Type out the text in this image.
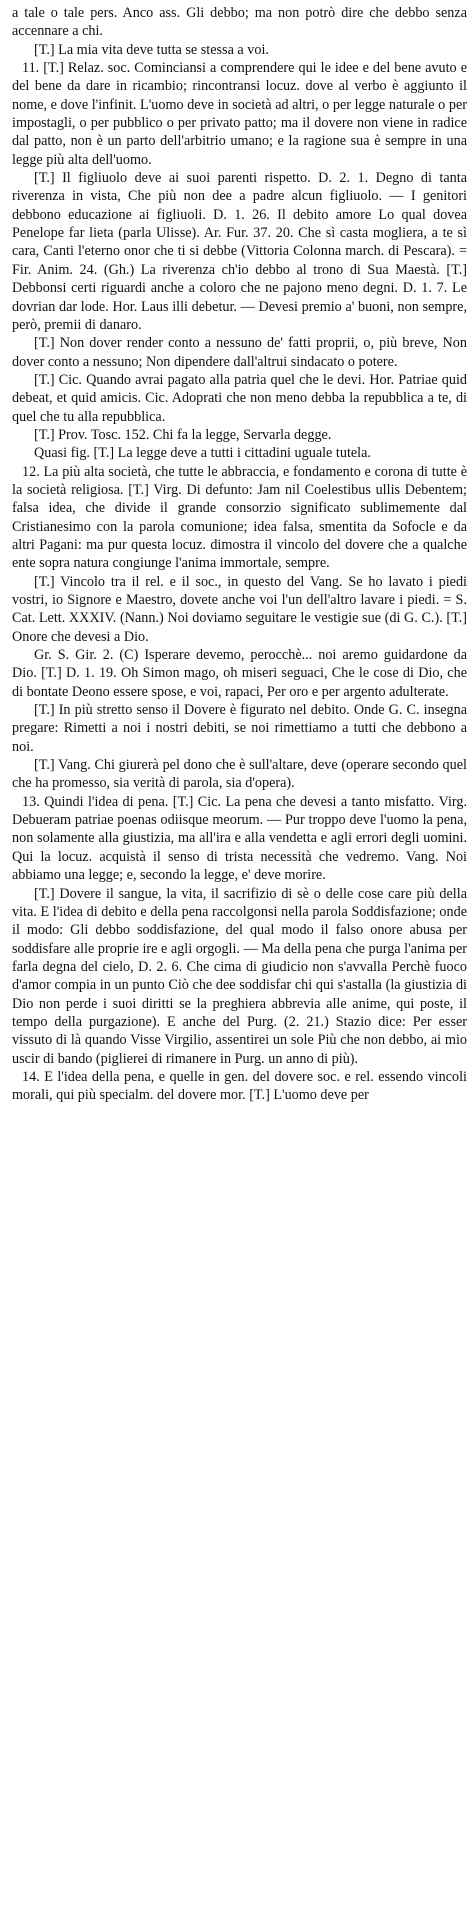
a tale o tale pers. Anco ass. Gli debbo; ma non potrò dire che debbo senza accennare a chi.

[T.] La mia vita deve tutta se stessa a voi.

11. [T.] Relaz. soc. Cominciansi a comprendere qui le idee e del bene avuto e del bene da dare in ricambio; rincontransi locuz. dove al verbo è aggiunto il nome, e dove l'infinit. L'uomo deve in società ad altri, o per legge naturale o per impostagli, o per pubblico o per privato patto; ma il dovere non viene in radice dal patto, non è un parto dell'arbitrio umano; e la ragione sua è sempre in una legge più alta dell'uomo.

[T.] Il figliuolo deve ai suoi parenti rispetto. D. 2. 1. Degno di tanta riverenza in vista, Che più non dee a padre alcun figliuolo. — I genitori debbono educazione ai figliuoli. D. 1. 26. Il debito amore Lo qual dovea Penelope far lieta (parla Ulisse). Ar. Fur. 37. 20. Che sì casta mogliera, a te sì cara, Canti l'eterno onor che ti si debbe (Vittoria Colonna march. di Pescara). = Fir. Anim. 24. (Gh.) La riverenza ch'io debbo al trono di Sua Maestà. [T.] Debbonsi certi riguardi anche a coloro che ne pajono meno degni. D. 1. 7. Le dovrian dar lode. Hor. Laus illi debetur. — Devesi premio a' buoni, non sempre, però, premii di danaro.

[T.] Non dover render conto a nessuno de' fatti proprii, o, più breve, Non dover conto a nessuno; Non dipendere dall'altrui sindacato o potere.

[T.] Cic. Quando avrai pagato alla patria quel che le devi. Hor. Patriae quid debeat, et quid amicis. Cic. Adoprati che non meno debba la repubblica a te, di quel che tu alla repubblica.

[T.] Prov. Tosc. 152. Chi fa la legge, Servarla degge.

Quasi fig. [T.] La legge deve a tutti i cittadini uguale tutela.

12. La più alta società, che tutte le abbraccia, e fondamento e corona di tutte è la società religiosa. [T.] Virg. Di defunto: Jam nil Coelestibus ullis Debentem; falsa idea, che divide il grande consorzio significato sublimemente dal Cristianesimo con la parola comunione; idea falsa, smentita da Sofocle e da altri Pagani: ma pur questa locuz. dimostra il vincolo del dovere che a qualche ente sopra natura congiunge l'anima immortale, sempre.

[T.] Vincolo tra il rel. e il soc., in questo del Vang. Se ho lavato i piedi vostri, io Signore e Maestro, dovete anche voi l'un dell'altro lavare i piedi. = S. Cat. Lett. XXXIV. (Nann.) Noi doviamo seguitare le vestigie sue (di G. C.). [T.] Onore che devesi a Dio.

Gr. S. Gir. 2. (C) Isperare devemo, perocchè... noi aremo guidardone da Dio. [T.] D. 1. 19. Oh Simon mago, oh miseri seguaci, Che le cose di Dio, che di bontate Deono essere spose, e voi, rapaci, Per oro e per argento adulterate.

[T.] In più stretto senso il Dovere è figurato nel debito. Onde G. C. insegna pregare: Rimetti a noi i nostri debiti, se noi rimettiamo a tutti che debbono a noi.

[T.] Vang. Chi giurerà pel dono che è sull'altare, deve (operare secondo quel che ha promesso, sia verità di parola, sia d'opera).

13. Quindi l'idea di pena. [T.] Cic. La pena che devesi a tanto misfatto. Virg. Debueram patriae poenas odiisque meorum. — Pur troppo deve l'uomo la pena, non solamente alla giustizia, ma all'ira e alla vendetta e agli errori degli uomini. Qui la locuz. acquistà il senso di trista necessità che vedremo. Vang. Noi abbiamo una legge; e, secondo la legge, e' deve morire.

[T.] Dovere il sangue, la vita, il sacrifizio di sè o delle cose care più della vita. E l'idea di debito e della pena raccolgonsi nella parola Soddisfazione; onde il modo: Gli debbo soddisfazione, del qual modo il falso onore abusa per soddisfare alle proprie ire e agli orgogli. — Ma della pena che purga l'anima per farla degna del cielo, D. 2. 6. Che cima di giudicio non s'avvalla Perchè fuoco d'amor compia in un punto Ciò che dee soddisfar chi qui s'astalla (la giustizia di Dio non perde i suoi diritti se la preghiera abbrevia alle anime, qui poste, il tempo della purgazione). E anche del Purg. (2. 21.) Stazio dice: Per esser vissuto di là quando Visse Virgilio, assentirei un sole Più che non debbo, ai mio uscir di bando (piglierei di rimanere in Purg. un anno di più).

14. E l'idea della pena, e quelle in gen. del dovere soc. e rel. essendo vincoli morali, qui più specialm. del dovere mor. [T.] L'uomo deve per
